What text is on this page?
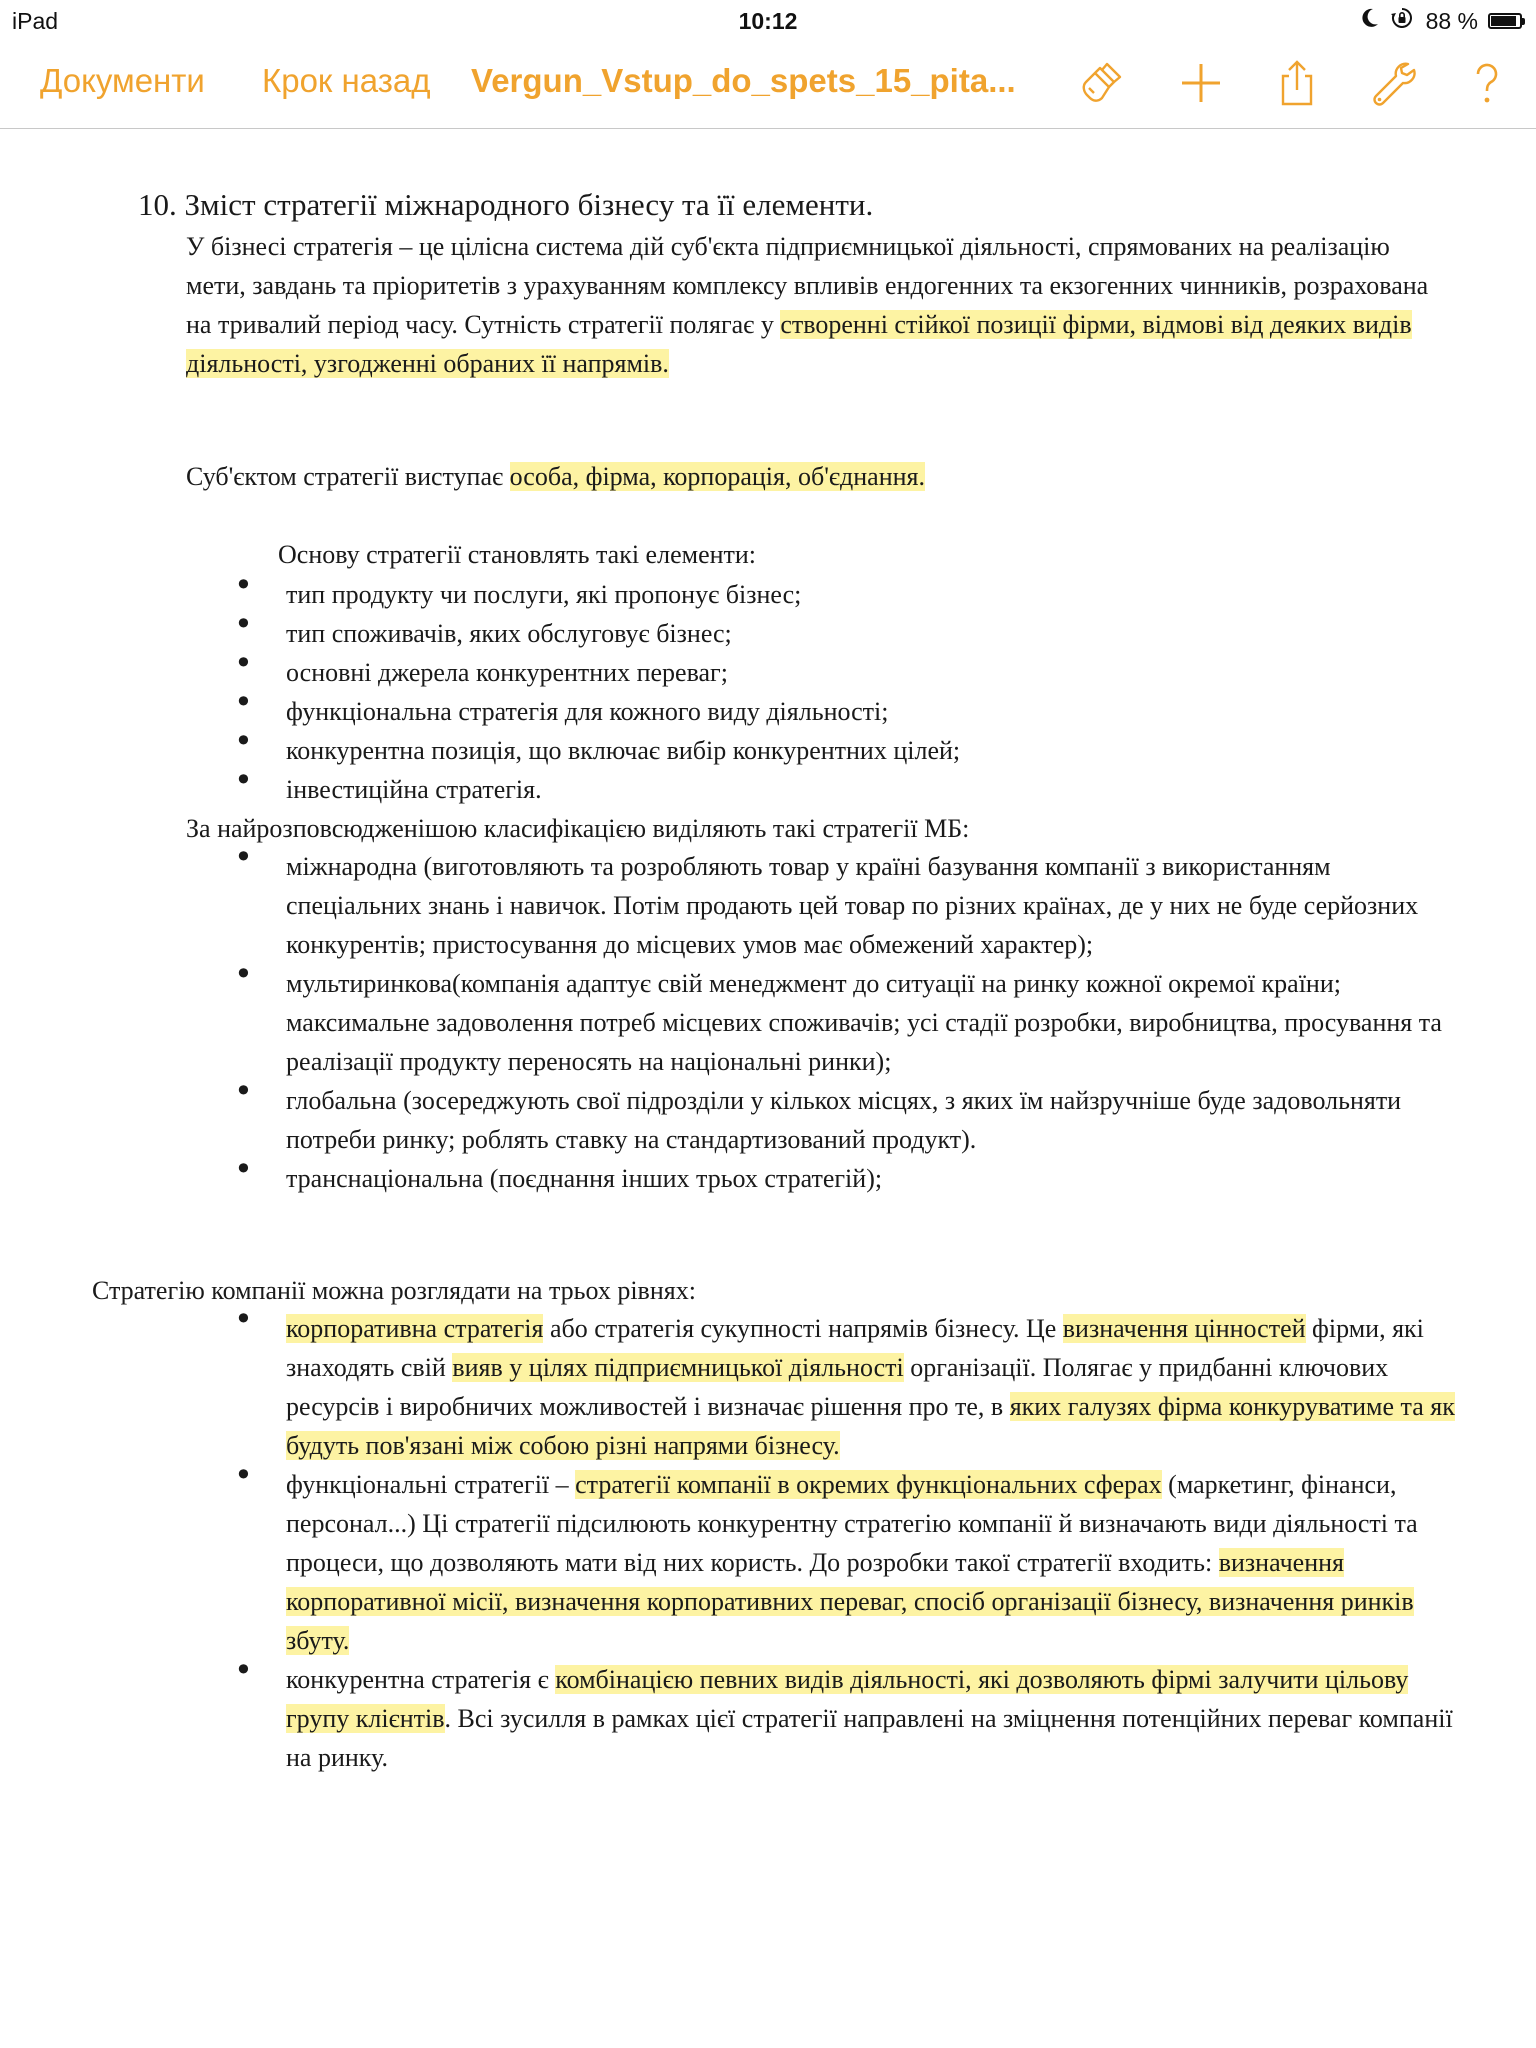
iPad	10:12	88 %
Документи Крок назад Vergun_Vstup_do_spets_15_pita...

10. Зміст стратегії міжнародного бізнесу та її елементи.

У бізнесі стратегія – це цілісна система дій суб'єкта підприємницької діяльності, спрямованих на реалізацію мети, завдань та пріоритетів з урахуванням комплексу впливів ендогенних та екзогенних чинників, розрахована на тривалий період часу. Сутність стратегії полягає у створенні стійкої позиції фірми, відмові від деяких видів діяльності, узгодженні обраних її напрямів.

Суб'єктом стратегії виступає особа, фірма, корпорація, об'єднання.

Основу стратегії становлять такі елементи:

• тип продукту чи послуги, які пропонує бізнес;
• тип споживачів, яких обслуговує бізнес;
• основні джерела конкурентних переваг;
• функціональна стратегія для кожного виду діяльності;
• конкурентна позиція, що включає вибір конкурентних цілей;
• інвестиційна стратегія.

За найрозповсюдженішою класифікацією виділяють такі стратегії МБ:

• міжнародна (виготовляють та розробляють товар у країні базування компанії з використанням спеціальних знань і навичок. Потім продають цей товар по різних країнах, де у них не буде серйозних конкурентів; пристосування до місцевих умов має обмежений характер);
• мультиринкова(компанія адаптує свій менеджмент до ситуації на ринку кожної окремої країни; максимальне задоволення потреб місцевих споживачів; усі стадії розробки, виробництва, просування та реалізації продукту переносять на національні ринки);
• глобальна (зосереджують свої підрозділи у кількох місцях, з яких їм найзручніше буде задовольняти потреби ринку; роблять ставку на стандартизований продукт).
• транснаціональна (поєднання інших трьох стратегій);

Стратегію компанії можна розглядати на трьох рівнях:

• корпоративна стратегія або стратегія сукупності напрямів бізнесу. Це визначення цінностей фірми, які знаходять свій вияв у цілях підприємницької діяльності організації. Полягає у придбанні ключових ресурсів і виробничих можливостей і визначає рішення про те, в яких галузях фірма конкуруватиме та як будуть пов'язані між собою різні напрями бізнесу.
• функціональні стратегії – стратегії компанії в окремих функціональних сферах (маркетинг, фінанси, персонал...) Ці стратегії підсилюють конкурентну стратегію компанії й визначають види діяльності та процеси, що дозволяють мати від них користь. До розробки такої стратегії входить: визначення корпоративної місії, визначення корпоративних переваг, спосіб організації бізнесу, визначення ринків збуту.
• конкурентна стратегія є комбінацією певних видів діяльності, які дозволяють фірмі залучити цільову групу клієнтів. Всі зусилля в рамках цієї стратегії направлені на зміцнення потенційних переваг компанії на ринку.
